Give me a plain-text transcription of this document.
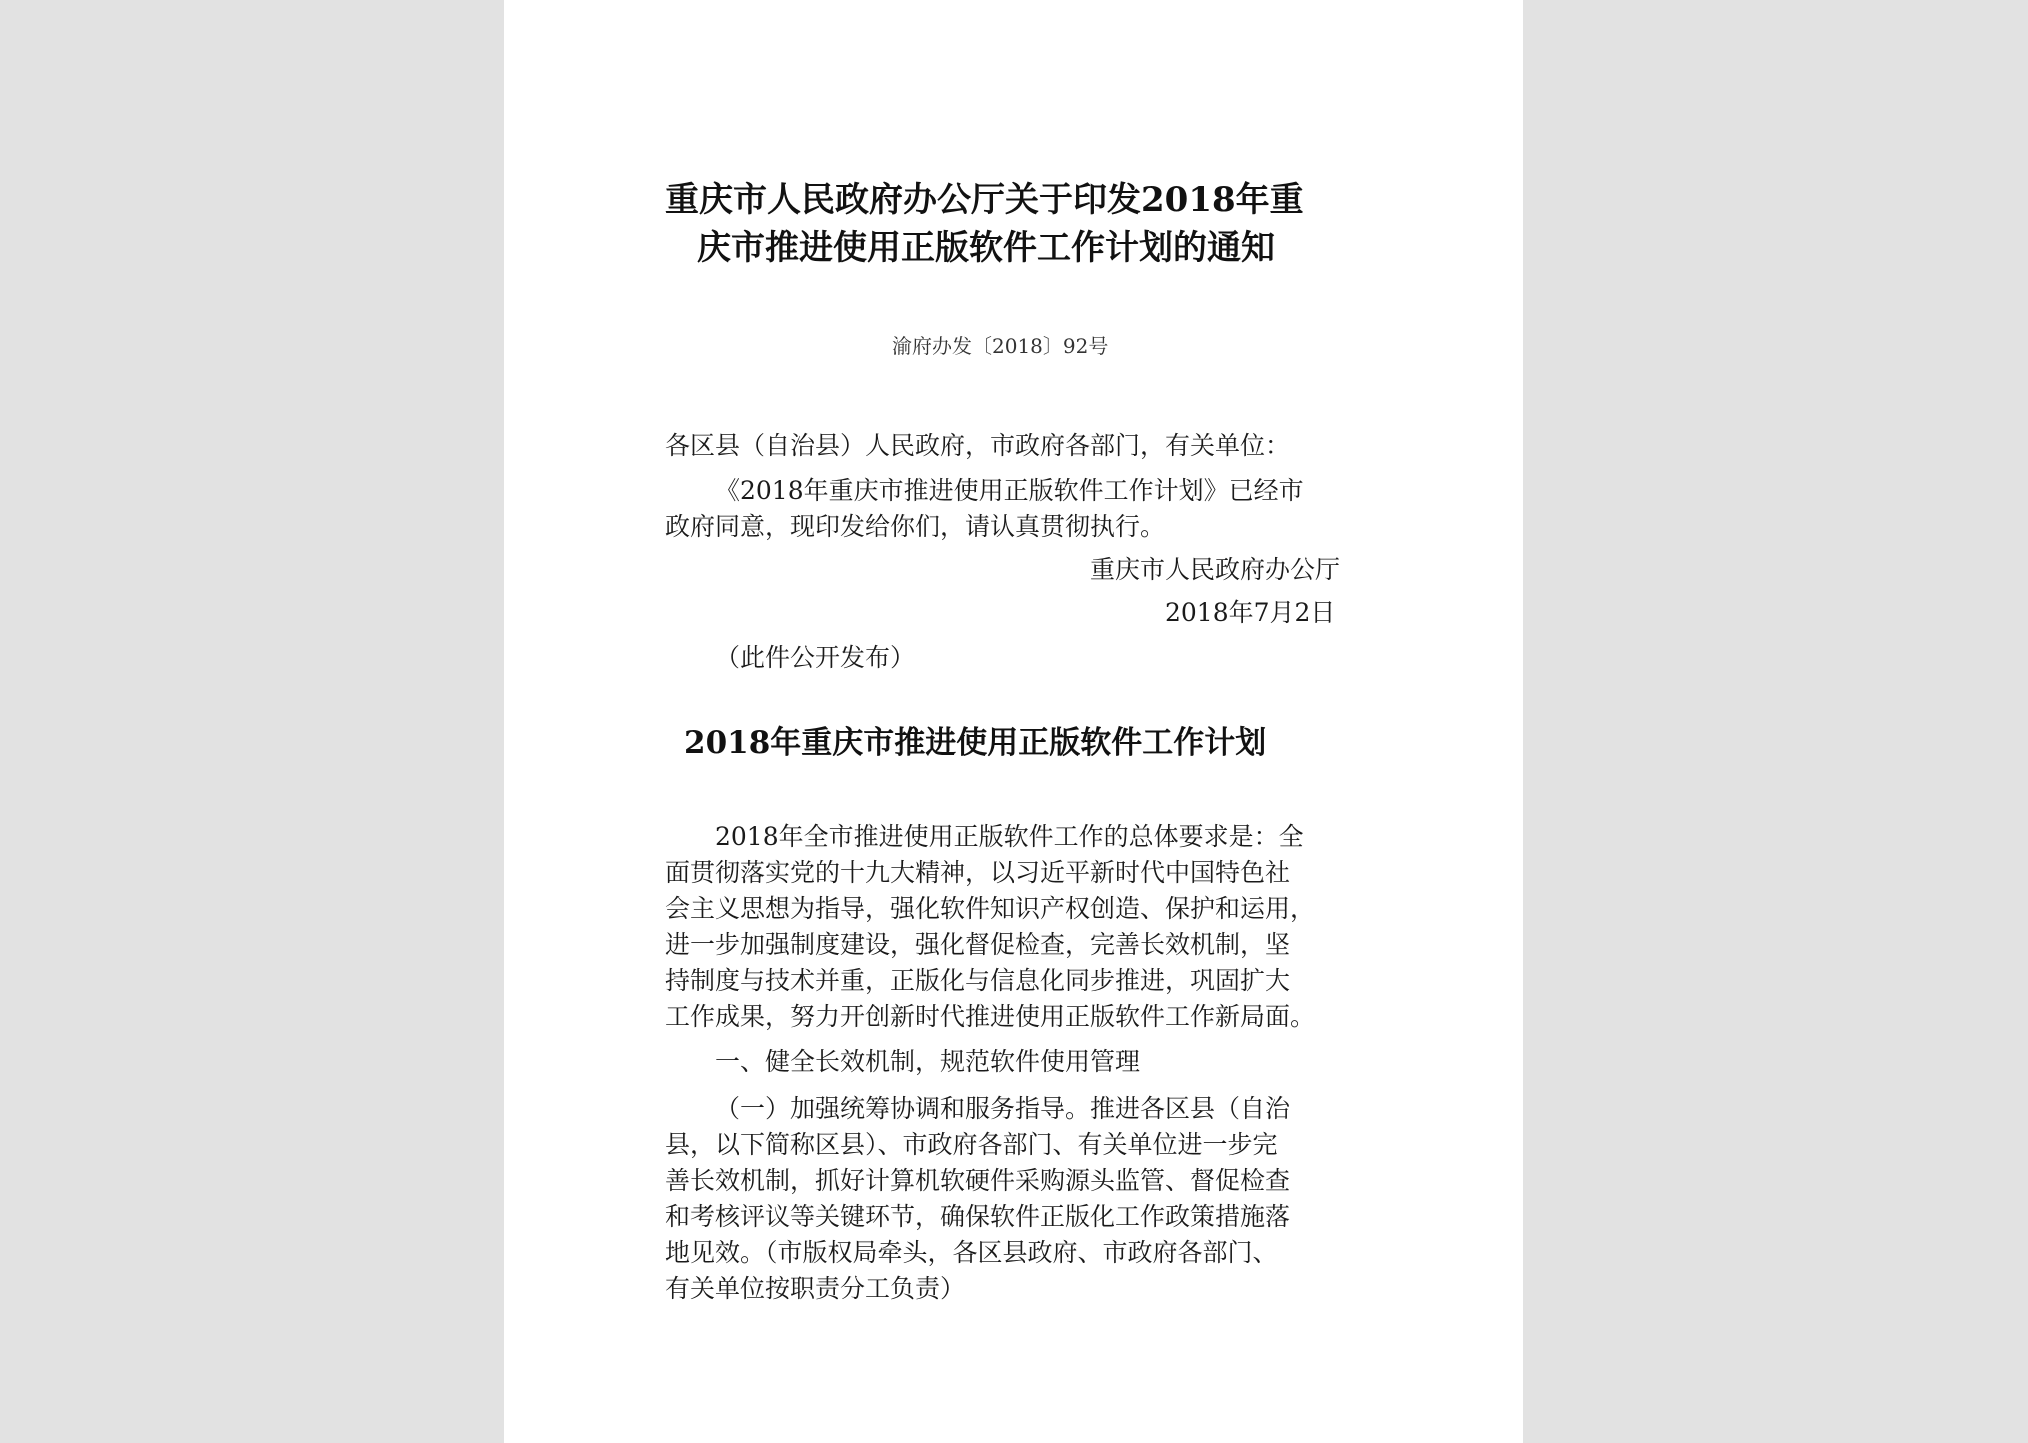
重庆市人民政府办公厅关于印发2018年重
庆市推进使用正版软件工作计划的通知
渝府办发〔2018〕92号
各区县（自治县）人民政府，市政府各部门，有关单位：
《2018年重庆市推进使用正版软件工作计划》已经市
政府同意，现印发给你们，请认真贯彻执行。
重庆市人民政府办公厅
2018年7月2日
（此件公开发布）
2018年重庆市推进使用正版软件工作计划
2018年全市推进使用正版软件工作的总体要求是：全
面贯彻落实党的十九大精神，以习近平新时代中国特色社
会主义思想为指导，强化软件知识产权创造、保护和运用，
进一步加强制度建设，强化督促检查，完善长效机制，坚
持制度与技术并重，正版化与信息化同步推进，巩固扩大
工作成果，努力开创新时代推进使用正版软件工作新局面。
一、健全长效机制，规范软件使用管理
（一）加强统筹协调和服务指导。推进各区县（自治
县，以下简称区县）、市政府各部门、有关单位进一步完
善长效机制，抓好计算机软硬件采购源头监管、督促检查
和考核评议等关键环节，确保软件正版化工作政策措施落
地见效。（市版权局牵头，各区县政府、市政府各部门、
有关单位按职责分工负责）
